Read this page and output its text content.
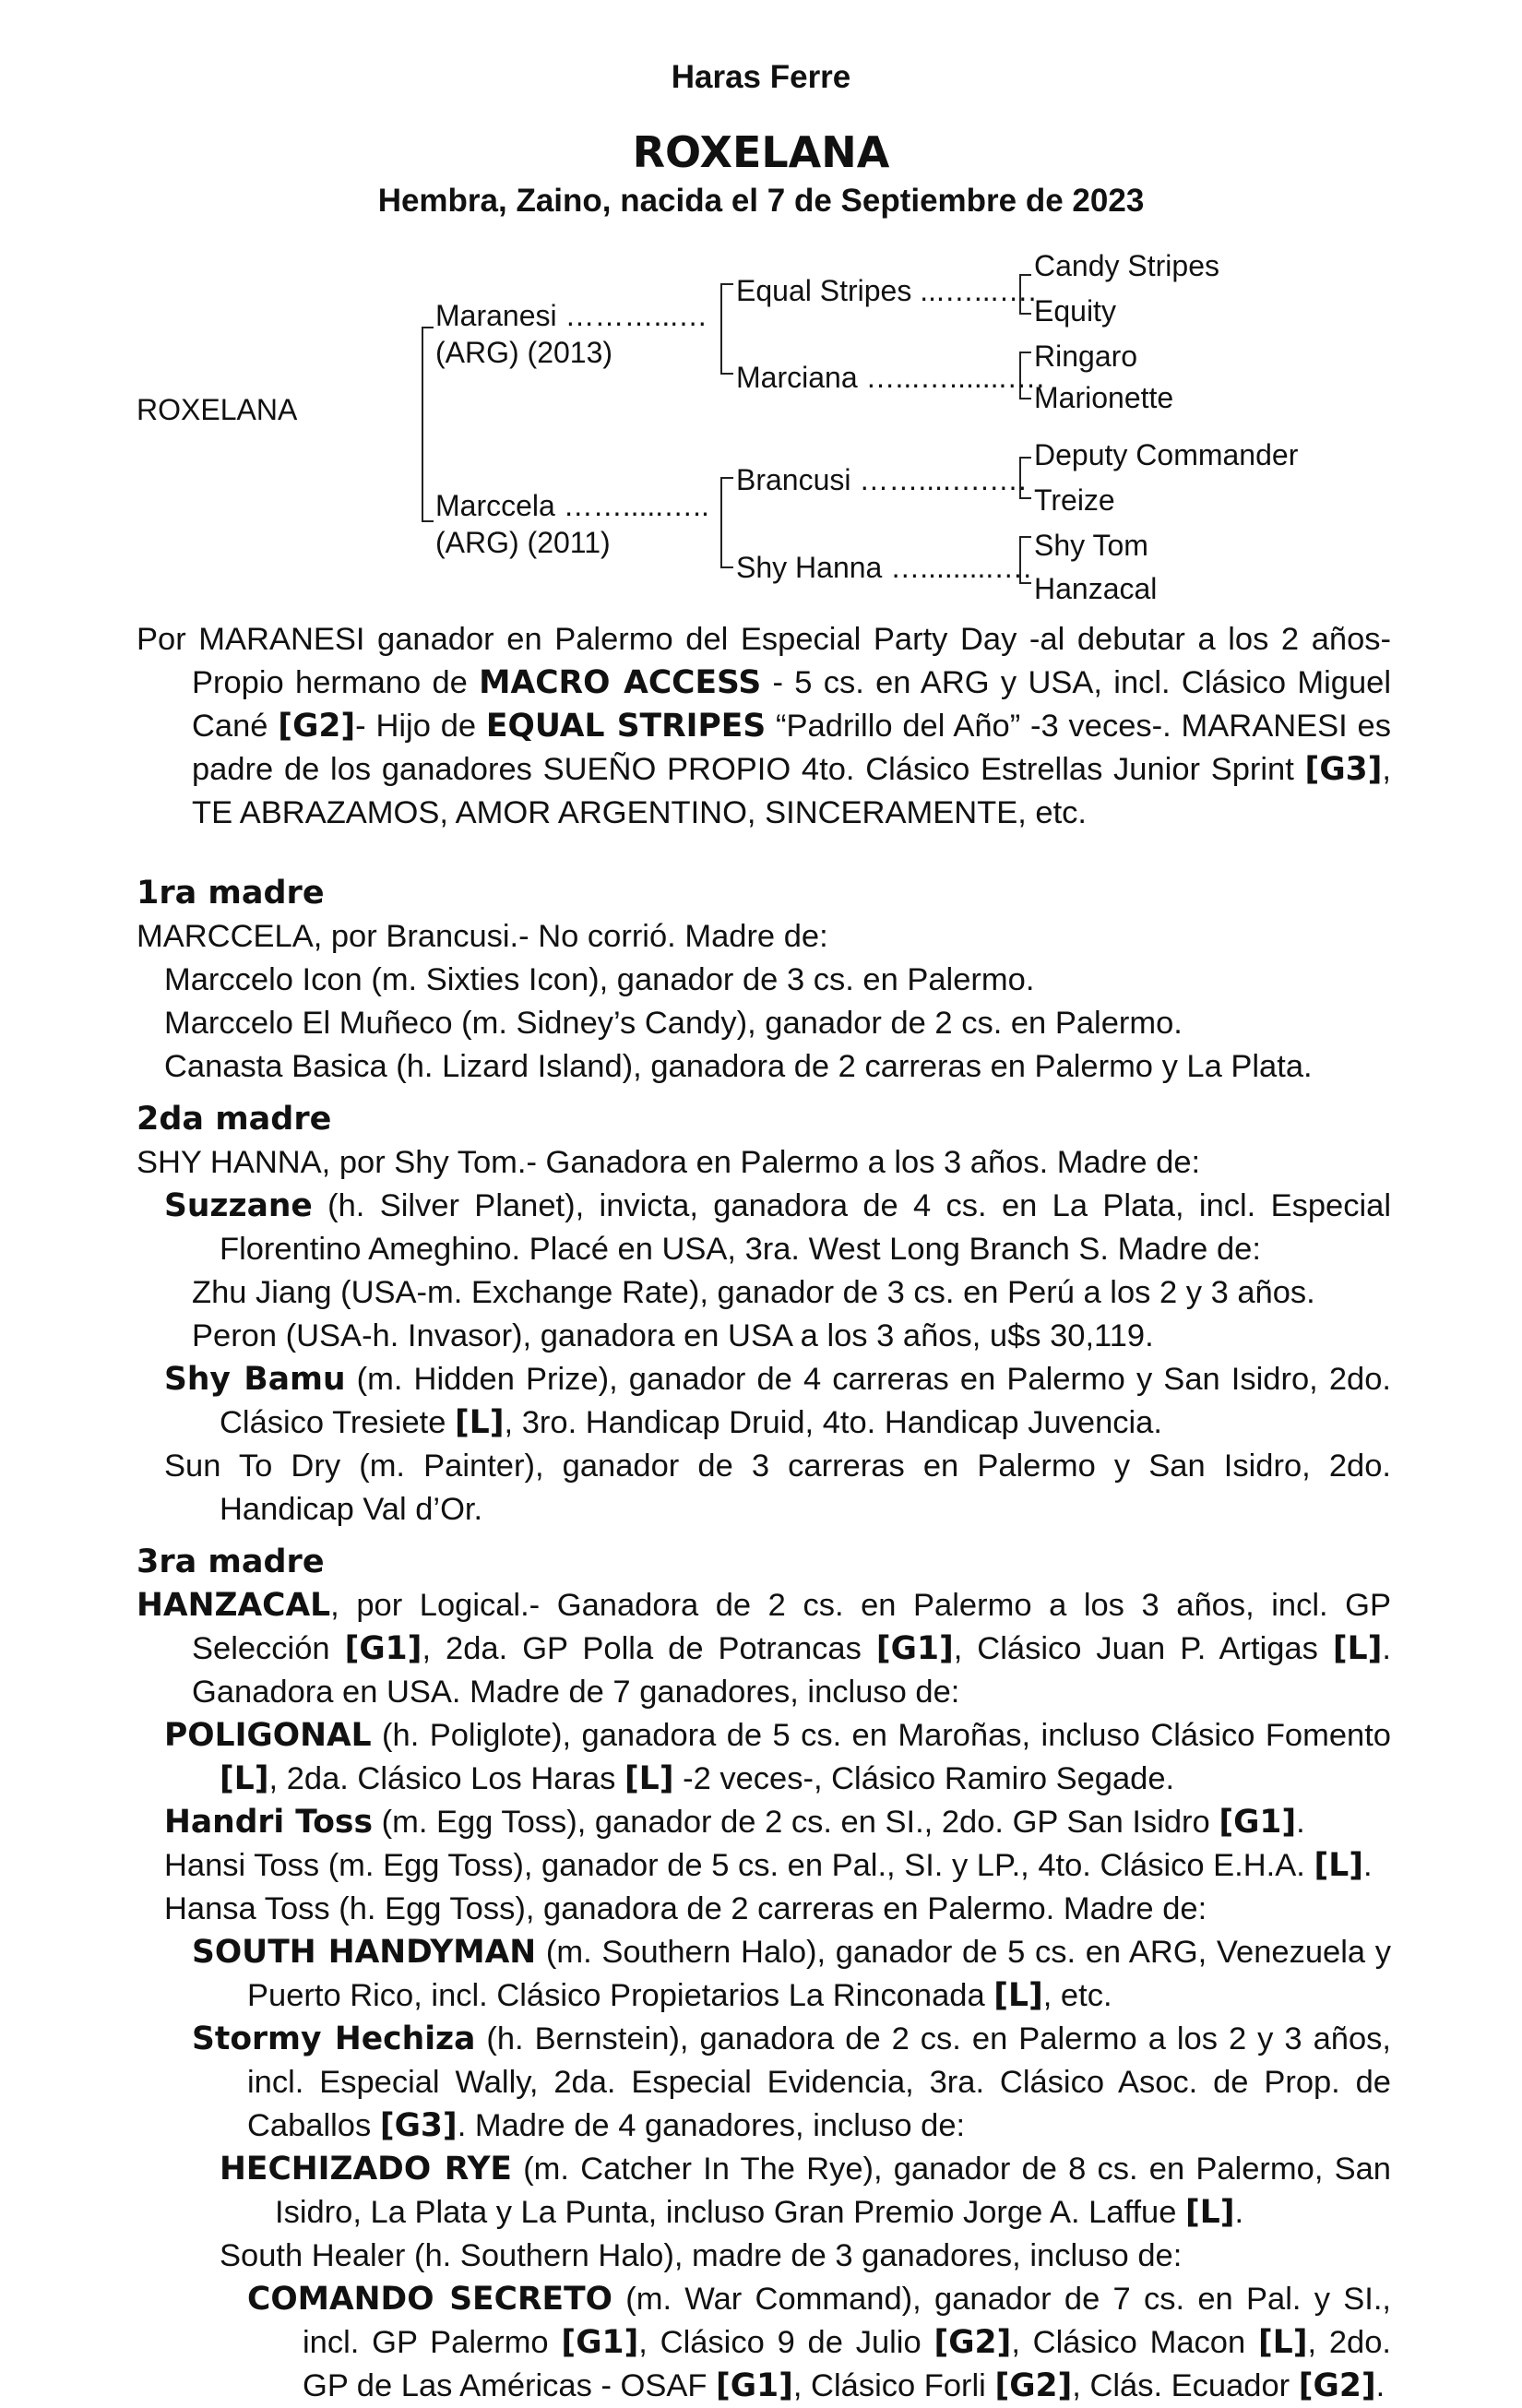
Haras Ferre
ROXELANA
Hembra, Zaino, nacida el 7 de Septiembre de 2023
ROXELANA
Maranesi ………...…
(ARG) (2013)
Marccela …….....…..
(ARG) (2011)
Equal Stripes ...…...….
Marciana …...….......….
Brancusi ……....….….
Shy Hanna ….........….
Candy Stripes
Equity
Ringaro
Marionette
Deputy Commander
Treize
Shy Tom
Hanzacal

Por MARANESI ganador en Palermo del Especial Party Day -al debutar a los 2 años- Propio hermano de MACRO ACCESS - 5 cs. en ARG y USA, incl. Clásico Miguel Cané [G2]- Hijo de EQUAL STRIPES “Padrillo del Año” -3 veces-. MARANESI es padre de los ganadores SUEÑO PROPIO 4to. Clásico Estrellas Junior Sprint [G3], TE ABRAZAMOS, AMOR ARGENTINO, SINCERAMENTE, etc.

1ra madre

MARCCELA, por Brancusi.- No corrió. Madre de:

Marccelo Icon (m. Sixties Icon), ganador de 3 cs. en Palermo.

Marccelo El Muñeco (m. Sidney’s Candy), ganador de 2 cs. en Palermo.

Canasta Basica (h. Lizard Island), ganadora de 2 carreras en Palermo y La Plata.

2da madre

SHY HANNA, por Shy Tom.- Ganadora en Palermo a los 3 años. Madre de:

Suzzane (h. Silver Planet), invicta, ganadora de 4 cs. en La Plata, incl. Especial Florentino Ameghino. Placé en USA, 3ra. West Long Branch S. Madre de:

Zhu Jiang (USA-m. Exchange Rate), ganador de 3 cs. en Perú a los 2 y 3 años.

Peron (USA-h. Invasor), ganadora en USA a los 3 años, u$s 30,119.

Shy Bamu (m. Hidden Prize), ganador de 4 carreras en Palermo y San Isidro, 2do. Clásico Tresiete [L], 3ro. Handicap Druid, 4to. Handicap Juvencia.

Sun To Dry (m. Painter), ganador de 3 carreras en Palermo y San Isidro, 2do. Handicap Val d’Or.

3ra madre

HANZACAL, por Logical.- Ganadora de 2 cs. en Palermo a los 3 años, incl. GP Selección [G1], 2da. GP Polla de Potrancas [G1], Clásico Juan P. Artigas [L]. Ganadora en USA. Madre de 7 ganadores, incluso de:

POLIGONAL (h. Poliglote), ganadora de 5 cs. en Maroñas, incluso Clásico Fomento [L], 2da. Clásico Los Haras [L] -2 veces-, Clásico Ramiro Segade.

Handri Toss (m. Egg Toss), ganador de 2 cs. en SI., 2do. GP San Isidro [G1].

Hansi Toss (m. Egg Toss), ganador de 5 cs. en Pal., SI. y LP., 4to. Clásico E.H.A. [L].

Hansa Toss (h. Egg Toss), ganadora de 2 carreras en Palermo. Madre de:

SOUTH HANDYMAN (m. Southern Halo), ganador de 5 cs. en ARG, Venezuela y Puerto Rico, incl. Clásico Propietarios La Rinconada [L], etc.

Stormy Hechiza (h. Bernstein), ganadora de 2 cs. en Palermo a los 2 y 3 años, incl. Especial Wally, 2da. Especial Evidencia, 3ra. Clásico Asoc. de Prop. de Caballos [G3]. Madre de 4 ganadores, incluso de:

HECHIZADO RYE (m. Catcher In The Rye), ganador de 8 cs. en Palermo, San Isidro, La Plata y La Punta, incluso Gran Premio Jorge A. Laffue [L].

South Healer (h. Southern Halo), madre de 3 ganadores, incluso de:

COMANDO SECRETO (m. War Command), ganador de 7 cs. en Pal. y SI., incl. GP Palermo [G1], Clásico 9 de Julio [G2], Clásico Macon [L], 2do. GP de Las Américas - OSAF [G1], Clásico Forli [G2], Clás. Ecuador [G2].
